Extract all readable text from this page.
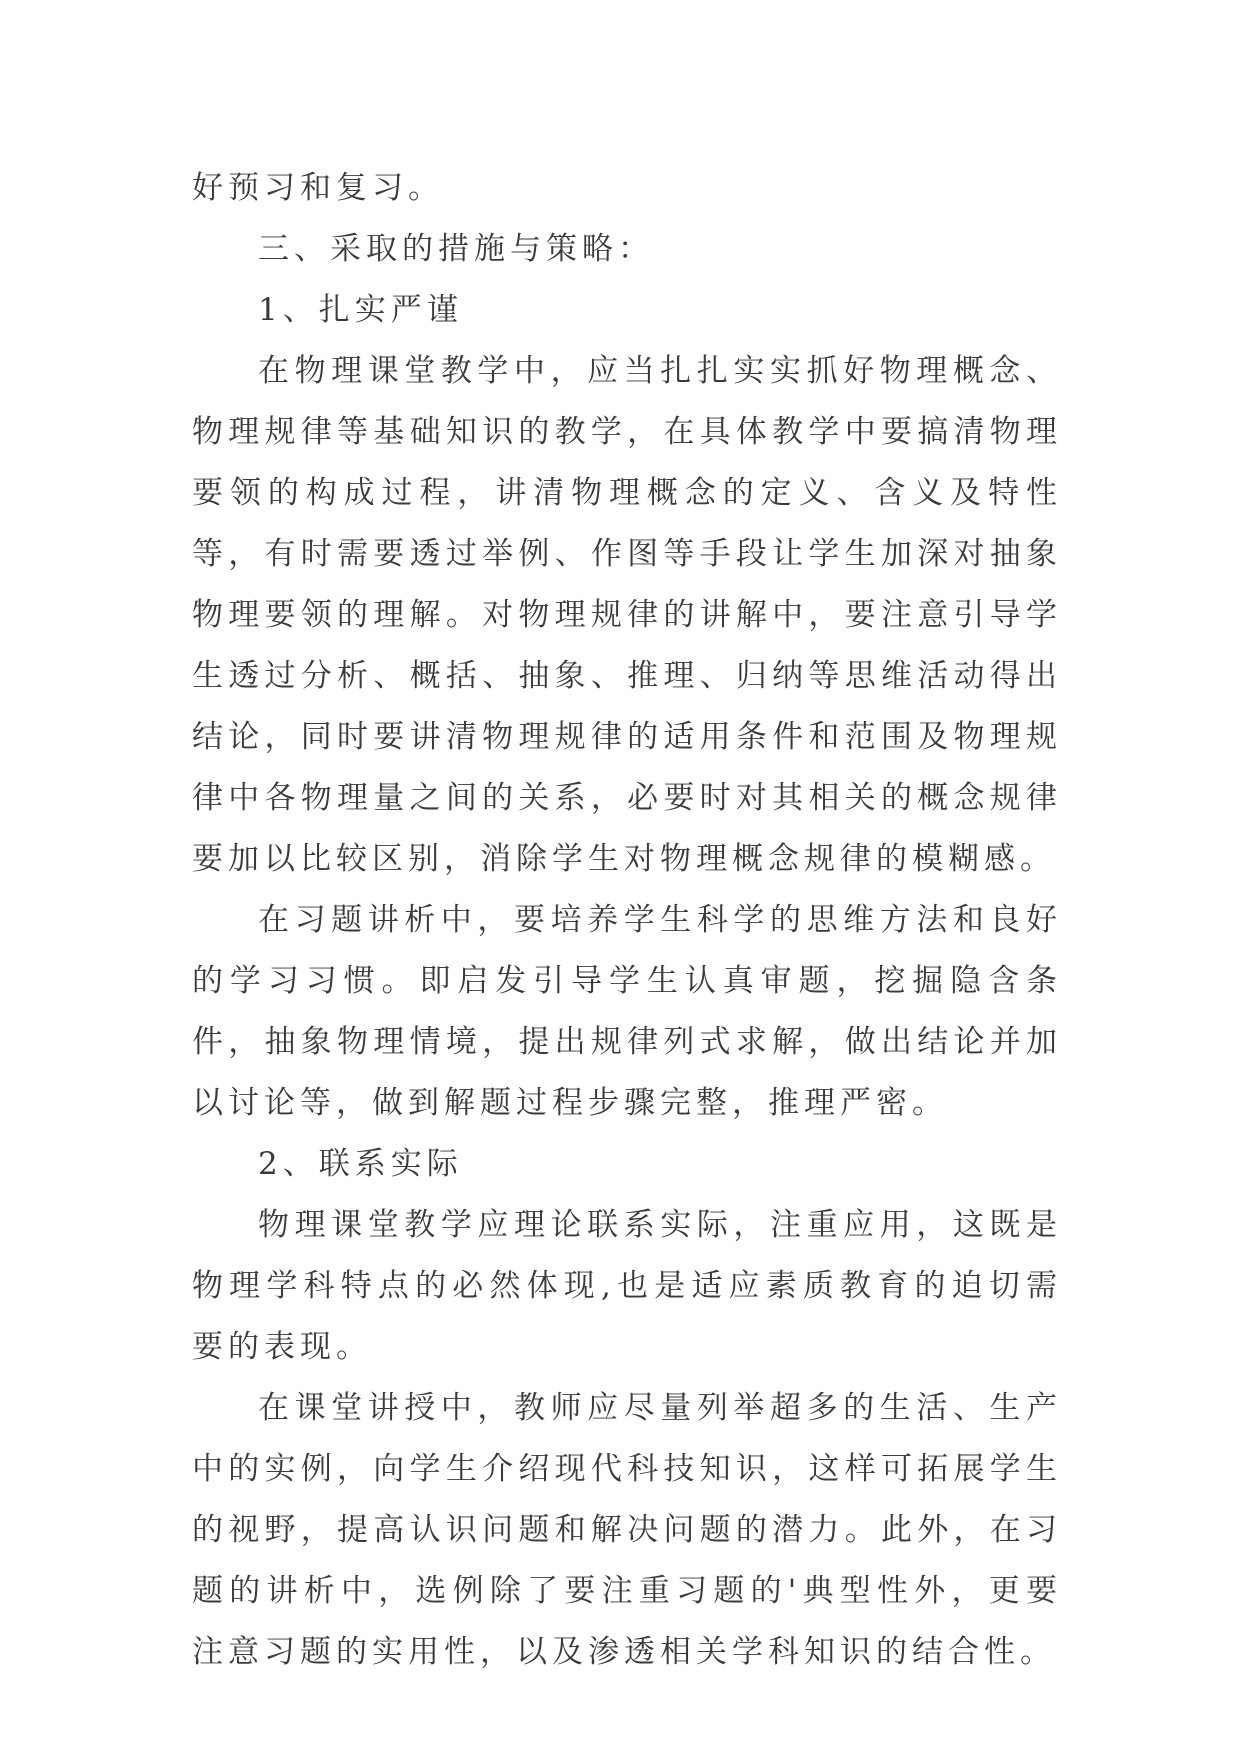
好预习和复习。

三、采取的措施与策略：

1、扎实严谨

在物理课堂教学中，应当扎扎实实抓好物理概念、物理规律等基础知识的教学，在具体教学中要搞清物理要领的构成过程，讲清物理概念的定义、含义及特性等，有时需要透过举例、作图等手段让学生加深对抽象物理要领的理解。对物理规律的讲解中，要注意引导学生透过分析、概括、抽象、推理、归纳等思维活动得出结论，同时要讲清物理规律的适用条件和范围及物理规律中各物理量之间的关系，必要时对其相关的概念规律要加以比较区别，消除学生对物理概念规律的模糊感。

在习题讲析中，要培养学生科学的思维方法和良好的学习习惯。即启发引导学生认真审题，挖掘隐含条件，抽象物理情境，提出规律列式求解，做出结论并加以讨论等，做到解题过程步骤完整，推理严密。

2、联系实际

物理课堂教学应理论联系实际，注重应用，这既是物理学科特点的必然体现,也是适应素质教育的迫切需要的表现。

在课堂讲授中，教师应尽量列举超多的生活、生产中的实例，向学生介绍现代科技知识，这样可拓展学生的视野，提高认识问题和解决问题的潜力。此外，在习题的讲析中，选例除了要注重习题的'典型性外，更要注意习题的实用性，以及渗透相关学科知识的结合性。
